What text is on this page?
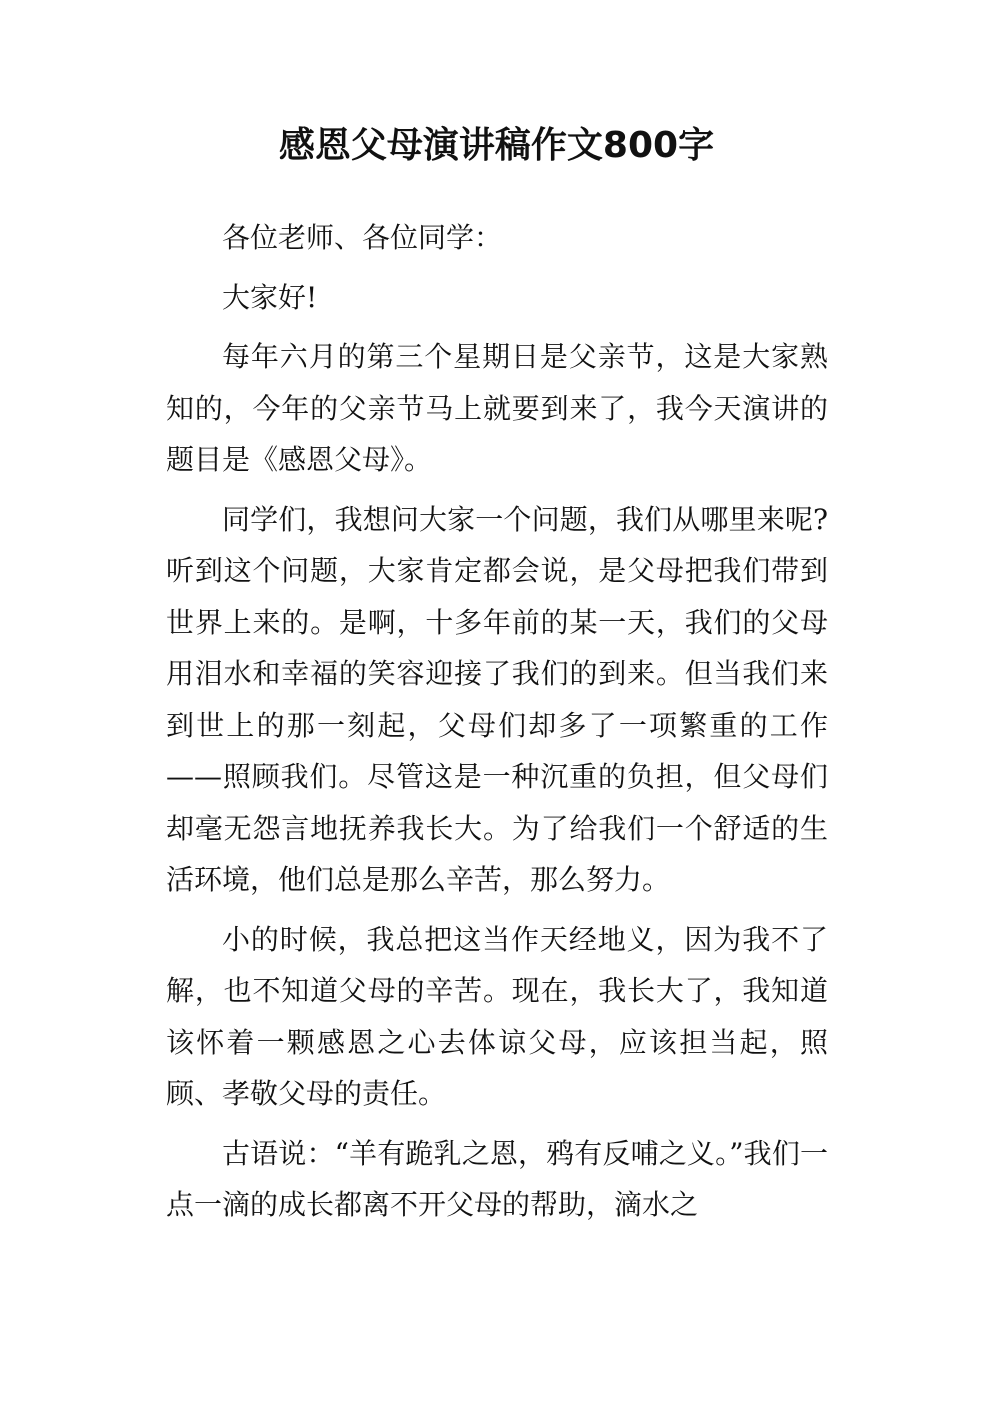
感恩父母演讲稿作文800字

各位老师、各位同学：

大家好!

每年六月的第三个星期日是父亲节，这是大家熟知的，今年的父亲节马上就要到来了，我今天演讲的题目是《感恩父母》。

同学们，我想问大家一个问题，我们从哪里来呢?听到这个问题，大家肯定都会说，是父母把我们带到世界上来的。是啊，十多年前的某一天，我们的父母用泪水和幸福的笑容迎接了我们的到来。但当我们来到世上的那一刻起，父母们却多了一项繁重的工作——照顾我们。尽管这是一种沉重的负担，但父母们却毫无怨言地抚养我长大。为了给我们一个舒适的生活环境，他们总是那么辛苦，那么努力。

小的时候，我总把这当作天经地义，因为我不了解，也不知道父母的辛苦。现在，我长大了，我知道该怀着一颗感恩之心去体谅父母，应该担当起，照顾、孝敬父母的责任。

古语说：“羊有跪乳之恩，鸦有反哺之义。”我们一点一滴的成长都离不开父母的帮助，滴水之
